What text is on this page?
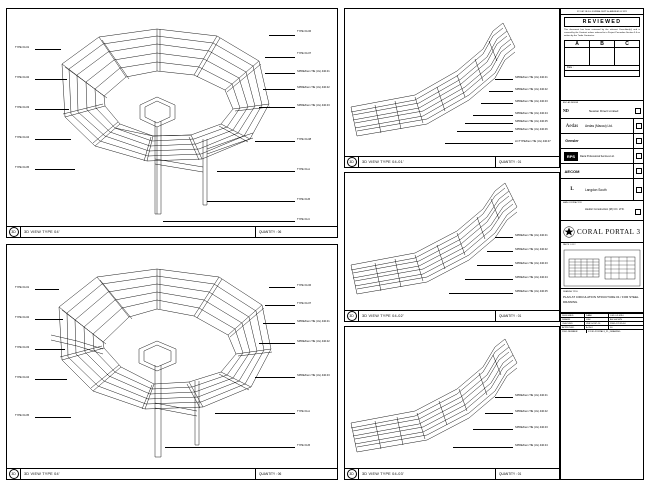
TYPE 04-01
TYPE 04-02
TYPE 04-03
TYPE 04-04
TYPE 04-05
TYPE 04-06
TYPE 04-07
SPIRE/Item TIE (UL) 440.01
SPIRE/Item TIE (UL) 440.02
SPIRE/Item TIE (UL) 440.03
TYPE 04-08
TYPE 04-A
TYPE 04-B
TYPE 04-C
3D	3D VIEW TYPE 04'	QUANTITY : 06
TYPE 04-01
TYPE 04-02
TYPE 04-03
TYPE 04-04
TYPE 04-05
TYPE 04-06
TYPE 04-07
SPIRE/Item TIE (UL) 440.01
SPIRE/Item TIE (UL) 440.02
SPIRE/Item TIE (UL) 440.03
TYPE 04-A
TYPE 04-B
3D	3D VIEW TYPE 04'	QUANTITY : 06
SPIRE/Item TIE (UL) 440.01
SPIRE/Item TIE (UL) 440.02
SPIRE/Item TIE (UL) 440.03
SPIRE/Item TIE (UL) 440.04
SPIRE/Item TIE (UL) 440.05
SPIRE/Item TIE (UL) 440.06
LN TYPE/Item TIE (UL) 440.07
3D	3D VIEW TYPE 04-01'	QUANTITY : 01
SPIRE/Item TIE (UL) 440.01
SPIRE/Item TIE (UL) 440.02
SPIRE/Item TIE (UL) 440.03
SPIRE/Item TIE (UL) 440.04
SPIRE/Item TIE (UL) 440.05
3D	3D VIEW TYPE 04-02'	QUANTITY : 01
SPIRE/Item TIE (UL) 440.01
SPIRE/Item TIE (UL) 440.02
SPIRE/Item TIE (UL) 440.03
SPIRE/Item TIE (UL) 440.04
3D	3D VIEW TYPE 04-03'	QUANTITY : 01
ST. DET. BLDG JOURNAL DEPT. A. AMENDED 02 STR
REVIEWED
This document has been reviewed by the relevant Consultant(s) and is covered by the Contract unless referred to in Project Procedure Section 5.4 as written by the Trade Contractor.
A	B	C
Date :
BD/ LAD DESIGN
ND	Newton Direct Limited
Aedas	Aedas (Macau) Ltd.
Gensler
RPS	Ravia Professional Services Ltd.
AECOM
L	Langdon South
MAIN CONTRACTOR
Hsubic Construction (M) CO. LTD.
CORAL PORTAL 3
PARTS 1 OF 2
DRAWING TITLE
PLAN AT CIRCULATION STRUCTURE 01 / FOR STEEL DRAWING
DESIGNED	DAAD	C&D 0.9.0910
DRAWN	JSM	AS SHOWN
CHECKED	VER 04 SP-10	DWG-ST-3D-04
APPROVED	A.CHO	00
DWG NUMBER	ST-3D-PORTAL3_PL_DRAWING
